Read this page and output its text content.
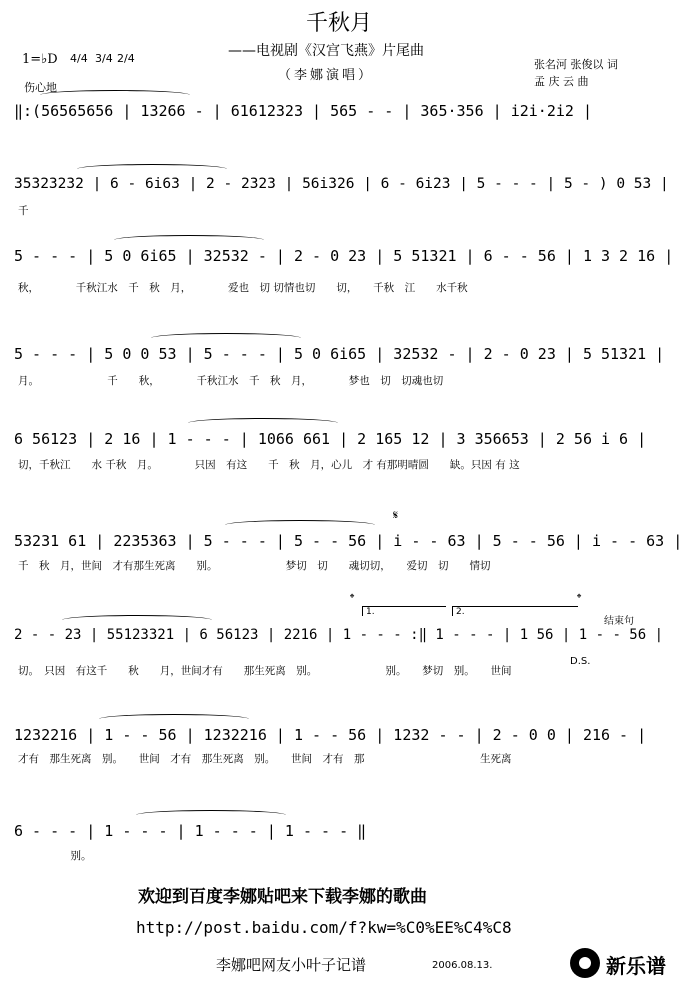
千秋月
——电视剧《汉宫飞燕》片尾曲
（李娜演唱）
1=♭D 4/4 3/4 2/4
伤心地
张名河 张俊以 词
孟 庆 云 曲
‖:(56565656 | 13266 - | 61612323 | 565 - - | 365·356 | i2i·2i2 |
35323232 | 6 - 6i63 | 2 - 2323 | 56i326 | 6 - 6i23 | 5 - - - | 5 - ) 0 53 |
千
5 - - - | 5 0 6i65 | 32532 - | 2 - 0 23 | 5 51321 | 6 - - 56 | 1 3 2 16 |
秋，　　　　千秋江水　千　秋　月，　　　　爱也　切 切情也切　　切，　　千秋　江　　水千秋
5 - - - | 5 0 0 53 | 5 - - - | 5 0 6i65 | 32532 - | 2 - 0 23 | 5 51321 |
月。　　　　　　　千　　秋，　　　　千秋江水　千　秋　月，　　　　梦也　切　切魂也切
6 56123 | 2 16 | 1 - - - | 1066 661 | 2 165 12 | 3 356653 | 2 56 i 6 |
切，千秋江　　水 千秋　月。　　　　只因　有这　　千　秋　月，心儿　才 有那明晴圆　　缺。只因 有 这
53231 61 | 2235363 | 5 - - - | 5 - - 56 | i - - 63 | 5 - - 56 | i - - 63 |
千　秋　月，世间　才有那生死离　　别。　　　　　　　梦切　切　　魂切切，　　爱切　切　　情切
2 - - 23 | 55123321 | 6 56123 | 2216 | 1 - - - :‖ 1 - - - | 1 56 | 1 - - 56 |
切。　只因　有这千　　秋　　月，世间才有　　那生死离　别。　　　　　　　别。　　梦切　别。　　世间
1232216 | 1 - - 56 | 1232216 | 1 - - 56 | 1232 - - | 2 - 0 0 | 216 - |
才有　那生死离　别。　　世间　才有　那生死离　别。　　世间　才有　那　　　　　　　　　　　生死离
6 - - - | 1 - - - | 1 - - - | 1 - - - ‖
　　　　　别。
1.	2.
𝄌	𝄌
结束句
D.S.
𝄋
欢迎到百度李娜贴吧来下载李娜的歌曲
http://post.baidu.com/f?kw=%C0%EE%C4%C8
李娜吧网友小叶子记谱	2006.08.13.	新乐谱
